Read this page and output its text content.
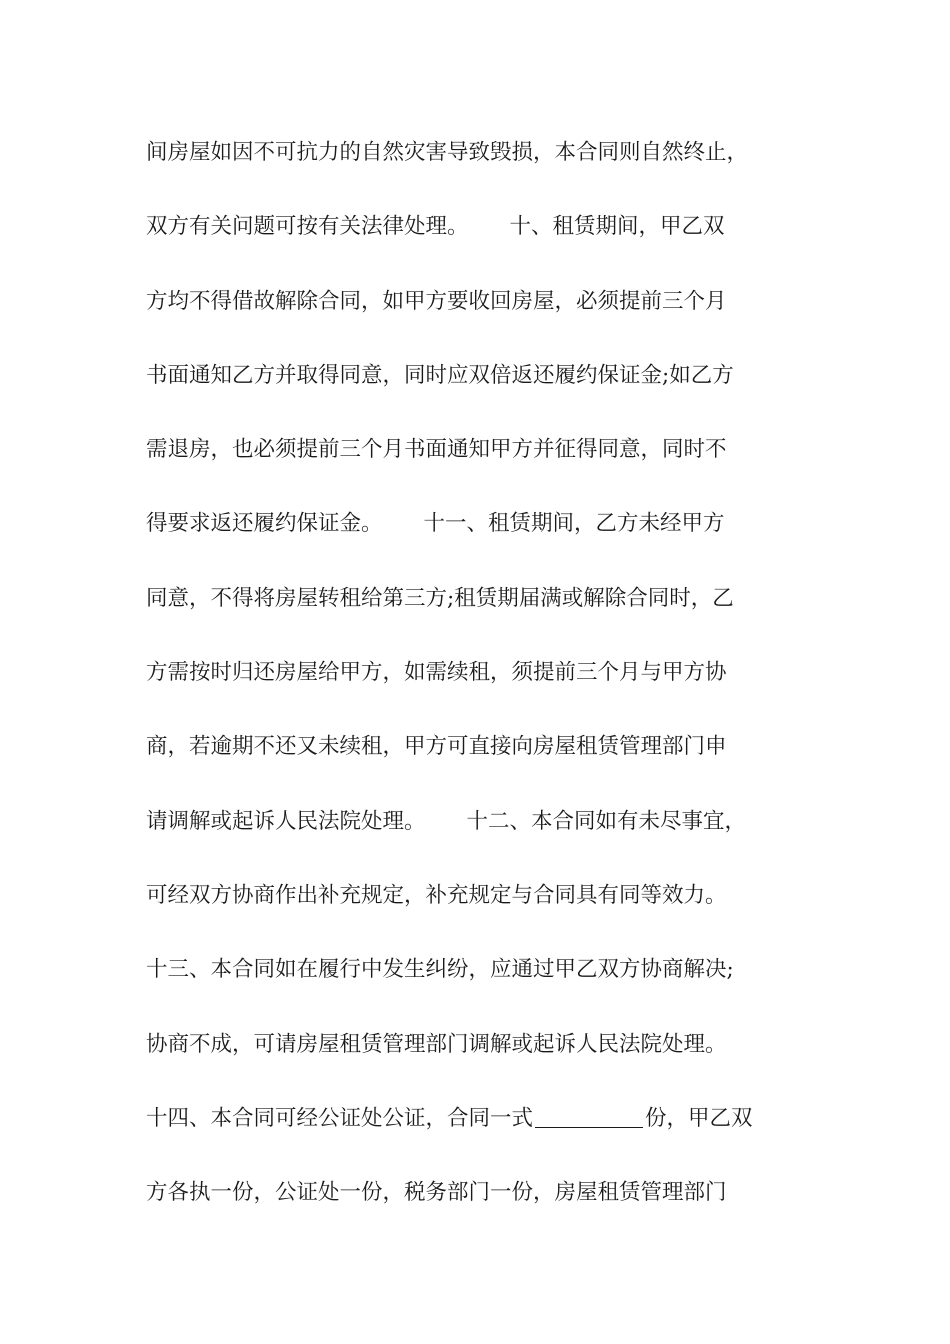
间房屋如因不可抗力的自然灾害导致毁损，本合同则自然终止，
双方有关问题可按有关法律处理。      十、租赁期间，甲乙双
方均不得借故解除合同，如甲方要收回房屋，必须提前三个月
书面通知乙方并取得同意，同时应双倍返还履约保证金;如乙方
需退房，也必须提前三个月书面通知甲方并征得同意，同时不
得要求返还履约保证金。      十一、租赁期间，乙方未经甲方
同意，不得将房屋转租给第三方;租赁期届满或解除合同时，乙
方需按时归还房屋给甲方，如需续租，须提前三个月与甲方协
商，若逾期不还又未续租，甲方可直接向房屋租赁管理部门申
请调解或起诉人民法院处理。      十二、本合同如有未尽事宜，
可经双方协商作出补充规定，补充规定与合同具有同等效力。
十三、本合同如在履行中发生纠纷，应通过甲乙双方协商解决;
协商不成，可请房屋租赁管理部门调解或起诉人民法院处理。
十四、本合同可经公证处公证，合同一式	份，甲乙双
方各执一份，公证处一份，税务部门一份，房屋租赁管理部门
